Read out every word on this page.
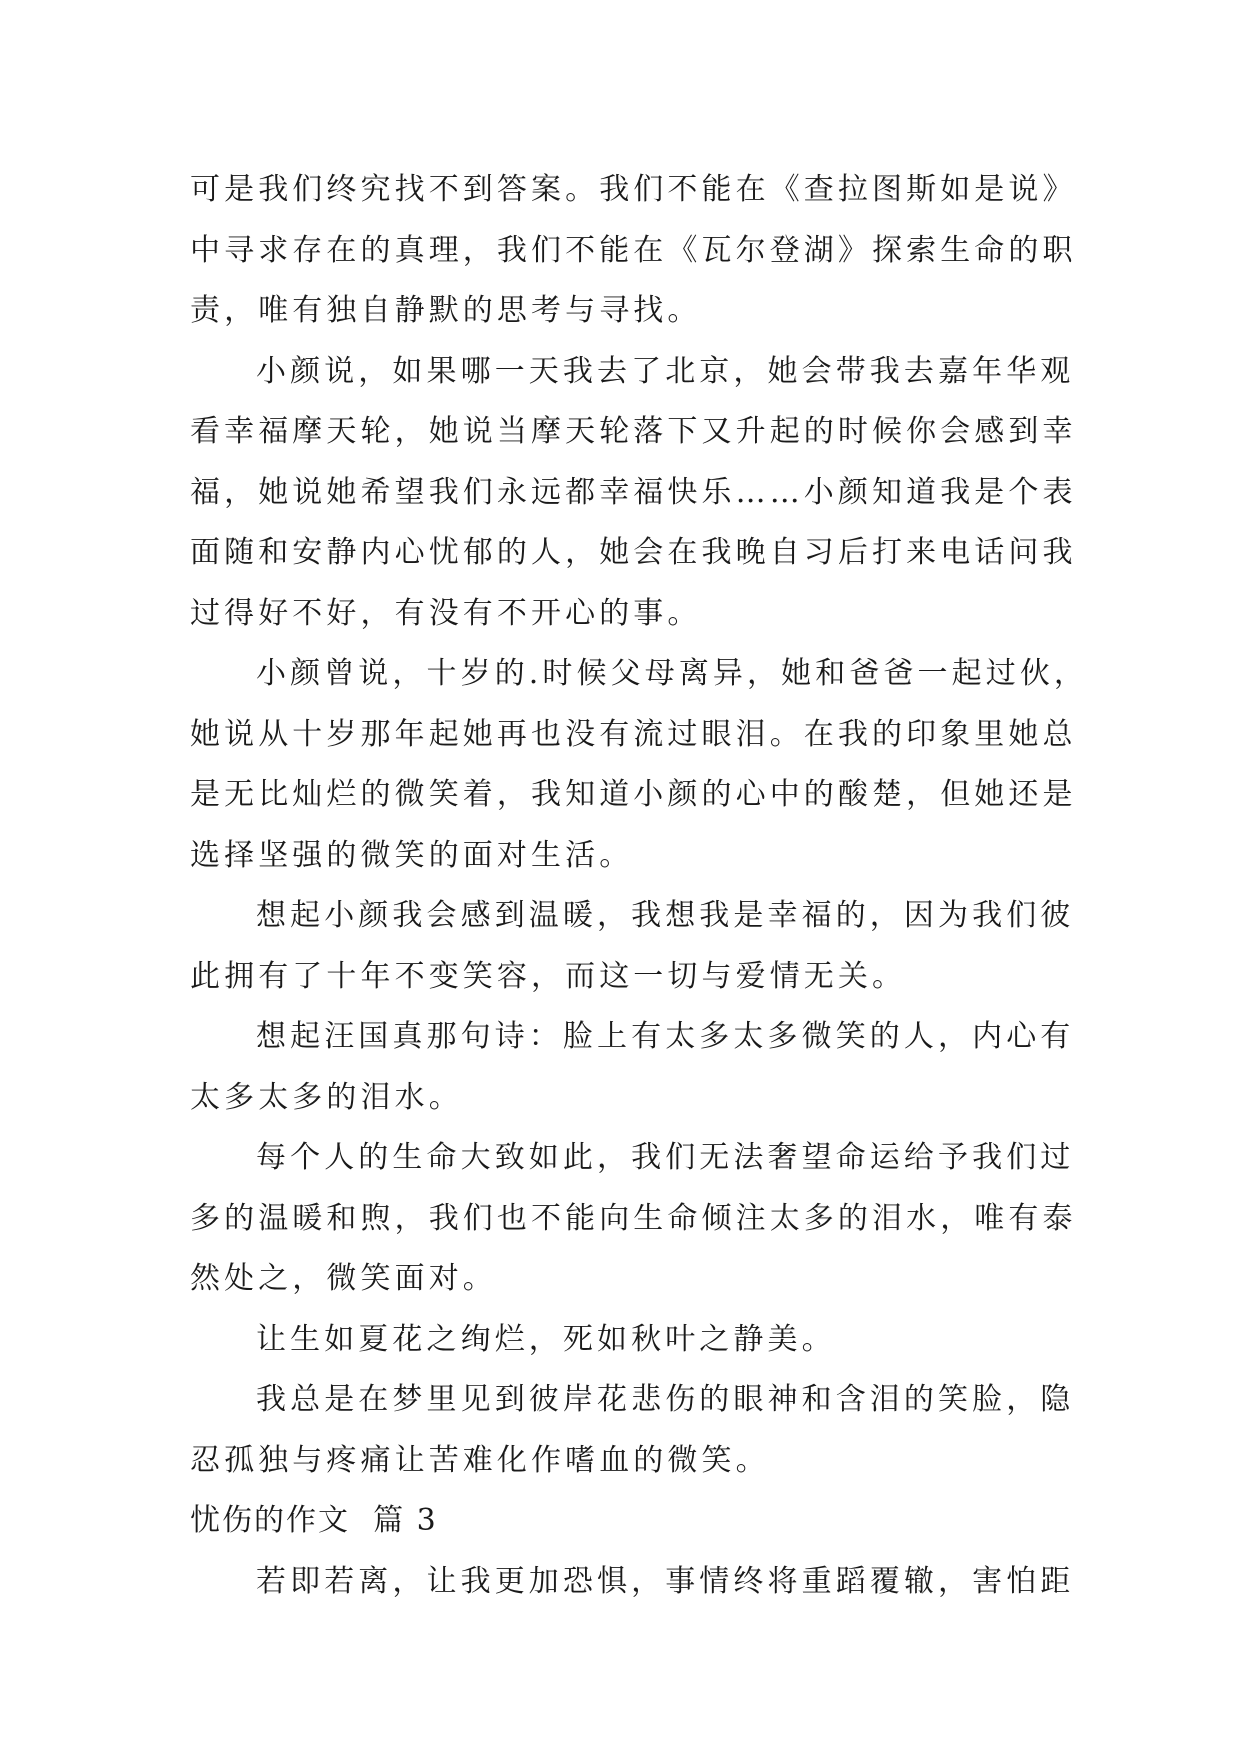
可是我们终究找不到答案。我们不能在《查拉图斯如是说》
中寻求存在的真理，我们不能在《瓦尔登湖》探索生命的职
责，唯有独自静默的思考与寻找。
小颜说，如果哪一天我去了北京，她会带我去嘉年华观
看幸福摩天轮，她说当摩天轮落下又升起的时候你会感到幸
福，她说她希望我们永远都幸福快乐……小颜知道我是个表
面随和安静内心忧郁的人，她会在我晚自习后打来电话问我
过得好不好，有没有不开心的事。
小颜曾说，十岁的.时候父母离异，她和爸爸一起过伙，
她说从十岁那年起她再也没有流过眼泪。在我的印象里她总
是无比灿烂的微笑着，我知道小颜的心中的酸楚，但她还是
选择坚强的微笑的面对生活。
想起小颜我会感到温暖，我想我是幸福的，因为我们彼
此拥有了十年不变笑容，而这一切与爱情无关。
想起汪国真那句诗：脸上有太多太多微笑的人，内心有
太多太多的泪水。
每个人的生命大致如此，我们无法奢望命运给予我们过
多的温暖和煦，我们也不能向生命倾注太多的泪水，唯有泰
然处之，微笑面对。
让生如夏花之绚烂，死如秋叶之静美。
我总是在梦里见到彼岸花悲伤的眼神和含泪的笑脸，隐
忍孤独与疼痛让苦难化作嗜血的微笑。
忧伤的作文  篇 3
若即若离，让我更加恐惧，事情终将重蹈覆辙，害怕距
